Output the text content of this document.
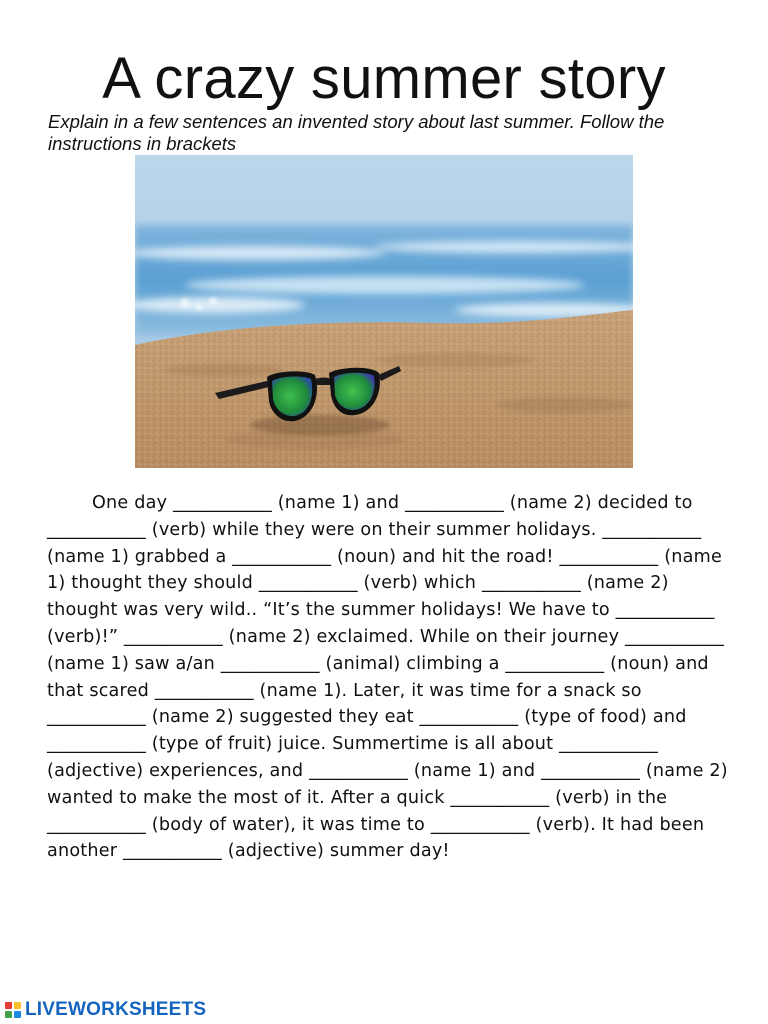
A crazy summer story
Explain in a few sentences an invented story about last summer. Follow the instructions in brackets

One day ___________ (name 1) and ___________ (name 2) decided to ___________ (verb) while they were on their summer holidays. ___________ (name 1) grabbed a ___________ (noun) and hit the road! ___________ (name 1) thought they should ___________ (verb) which ___________ (name 2) thought was very wild.. “It’s the summer holidays! We have to ___________ (verb)!” ___________ (name 2) exclaimed. While on their journey ___________ (name 1) saw a/an ___________ (animal) climbing a ___________ (noun) and that scared ___________ (name 1). Later, it was time for a snack so ___________ (name 2) suggested they eat ___________ (type of food) and ___________ (type of fruit) juice. Summertime is all about ___________ (adjective) experiences, and ___________ (name 1) and ___________ (name 2) wanted to make the most of it. After a quick ___________ (verb) in the ___________ (body of water), it was time to ___________ (verb). It had been another ___________ (adjective) summer day!

LIVEWORKSHEETS
